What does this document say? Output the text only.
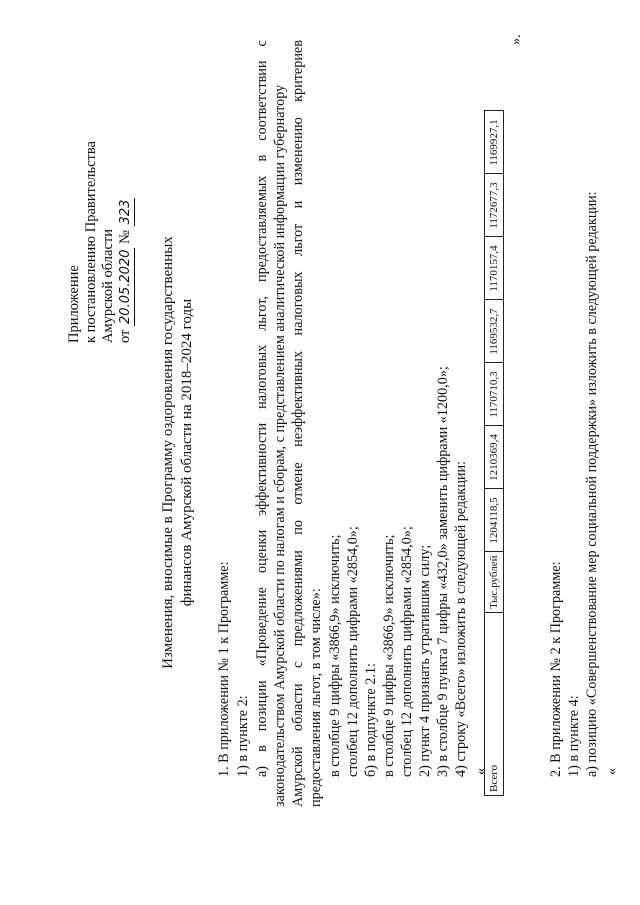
Приложение к постановлению Правительства Амурской области от 20.05.2020 № 323
Изменения, вносимые в Программу оздоровления государственных финансов Амурской области на 2018–2024 годы
1. В приложении № 1 к Программе: 1) в пункте 2: а)
в
позиции
«Проведение
оценки
эффективности
налоговых
льгот,
предоставляемых
в
соответствии
с
законодательством Амурской области по налогам и сборам, с представлением аналитической информации губернатору Амурской
области
с
предложениями
по
отмене
неэффективных
налоговых
льгот
и
изменению
критериев
предоставления льгот, в том числе»: в столбце 9 цифры «3866,9» исключить; столбец 12 дополнить цифрами «2854,0»; б) в подпункте 2.1: в столбце 9 цифры «3866,9» исключить; столбец 12 дополнить цифрами «2854,0»; 2) пункт 4 признать утратившим силу; 3) в столбце 9 пункта 7 цифры «432,0» заменить цифрами «1200,0»; 4) строку «Всего» изложить в следующей редакции: « Всего	Тыс.рублей	1204118,5	1210369,4	1170710,3	1169532,7	1170157,4	1172677,3	1169927,1
».
2. В приложении № 2 к Программе: 1) в пункте 4: а) позицию «Совершенствование мер социальной поддержки» изложить в следующей редакции: «
